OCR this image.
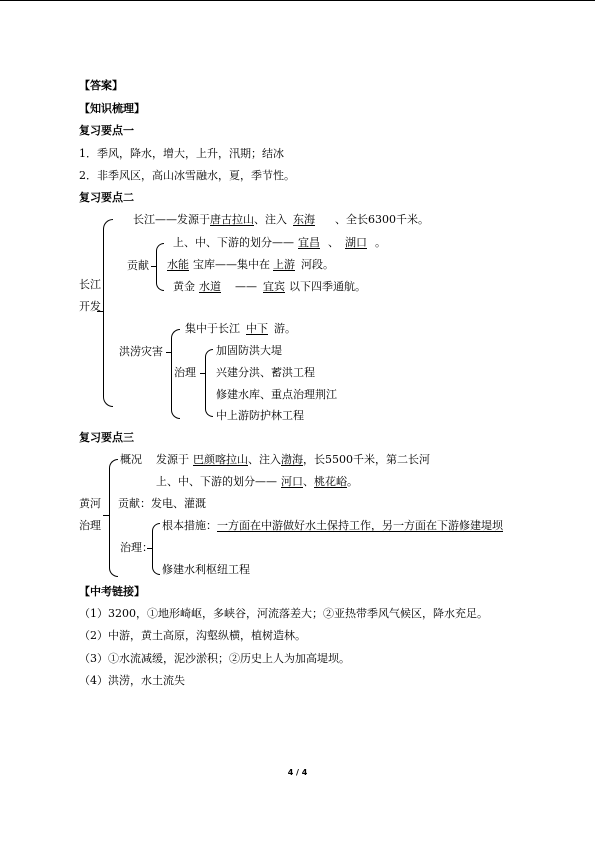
【答案】
【知识梳理】
复习要点一
1．季风，降水，增大，上升，汛期；结冰
2．非季风区，高山冰雪融水，夏，季节性。
复习要点二
长江
开发
长江——发源于唐古拉山、注入 东海 、全长6300千米。
贡献
上、中、下游的划分—— 宜昌 、 湖口 。
水能 宝库——集中在 上游 河段。
黄金 水道 —— 宜宾 以下四季通航。
洪涝灾害
集中于长江 中下 游。
治理
加固防洪大堤
兴建分洪、蓄洪工程
修建水库、重点治理荆江
中上游防护林工程
复习要点三
黄河
治理
概况 发源于 巴颜喀拉山、注入渤海，长5500千米，第二长河
上、中、下游的划分—— 河口、桃花峪。
贡献：发电、灌溉
治理：
根本措施：一方面在中游做好水土保持工作，另一方面在下游修建堤坝
修建水利枢纽工程
【中考链接】
（1）3200，①地形崎岖，多峡谷，河流落差大；②亚热带季风气候区，降水充足。
（2）中游，黄土高原，沟壑纵横，植树造林。
（3）①水流减缓，泥沙淤积；②历史上人为加高堤坝。
（4）洪涝，水土流失
4 / 4
